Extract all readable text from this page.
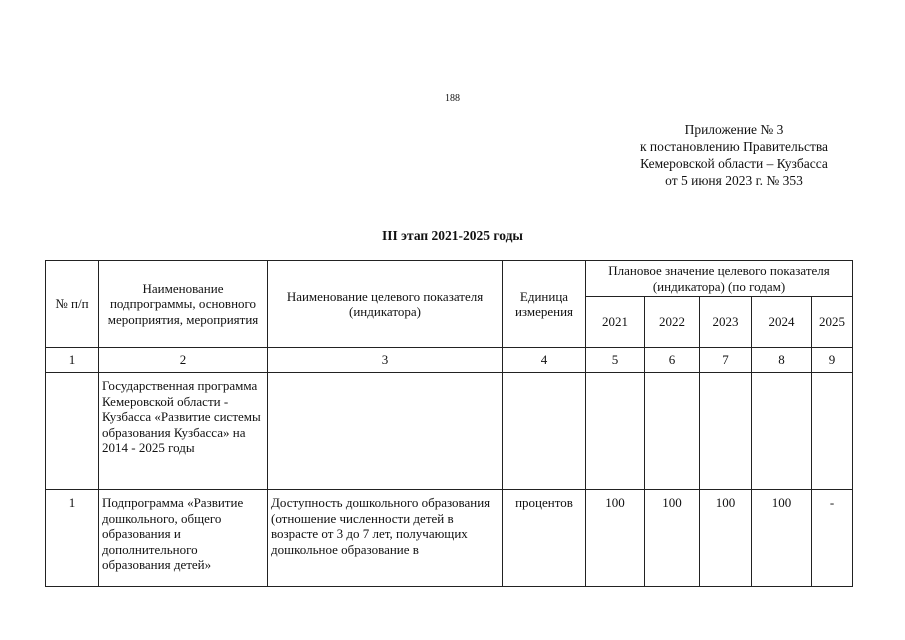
188
Приложение № 3
к постановлению Правительства
Кемеровской области – Кузбасса
от 5 июня 2023 г. № 353
III этап 2021-2025 годы
№ п/п	Наименование подпрограммы, основного мероприятия, мероприятия	Наименование целевого показателя (индикатора)	Единица измерения	Плановое значение целевого показателя (индикатора) (по годам)				
				2021	2022	2023	2024	2025
1	2	3	4	5	6	7	8	9
	Государственная программа Кемеровской области - Кузбасса «Развитие системы образования Кузбасса» на 2014 - 2025 годы							
1	Подпрограмма «Развитие дошкольного, общего образования и дополнительного образования детей»	Доступность дошкольного образования (отношение численности детей в возрасте от 3 до 7 лет, получающих дошкольное образование в	процентов	100	100	100	100	-
